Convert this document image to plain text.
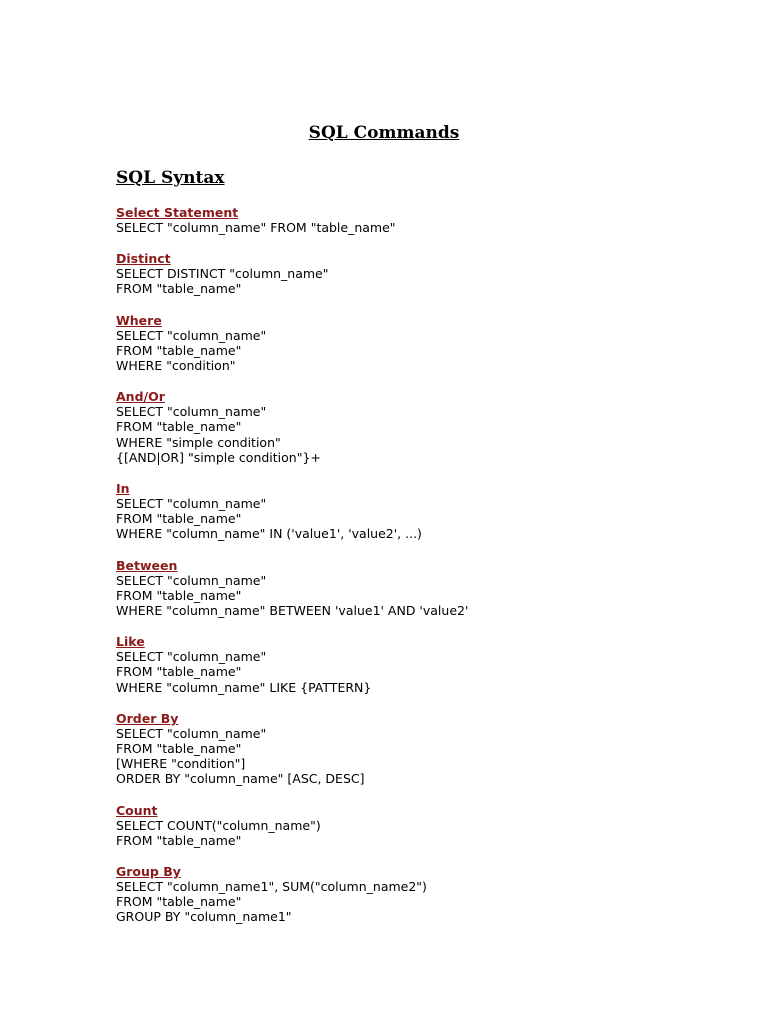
SQL Commands
SQL Syntax

Select Statement

SELECT "column_name" FROM "table_name"

Distinct

SELECT DISTINCT "column_name"

FROM "table_name"

Where

SELECT "column_name"

FROM "table_name"

WHERE "condition"

And/Or

SELECT "column_name"

FROM "table_name"

WHERE "simple condition"

{[AND|OR] "simple condition"}+

In

SELECT "column_name"

FROM "table_name"

WHERE "column_name" IN ('value1', 'value2', ...)

Between

SELECT "column_name"

FROM "table_name"

WHERE "column_name" BETWEEN 'value1' AND 'value2'

Like

SELECT "column_name"

FROM "table_name"

WHERE "column_name" LIKE {PATTERN}

Order By

SELECT "column_name"

FROM "table_name"

[WHERE "condition"]

ORDER BY "column_name" [ASC, DESC]

Count

SELECT COUNT("column_name")

FROM "table_name"

Group By

SELECT "column_name1", SUM("column_name2")

FROM "table_name"

GROUP BY "column_name1"
